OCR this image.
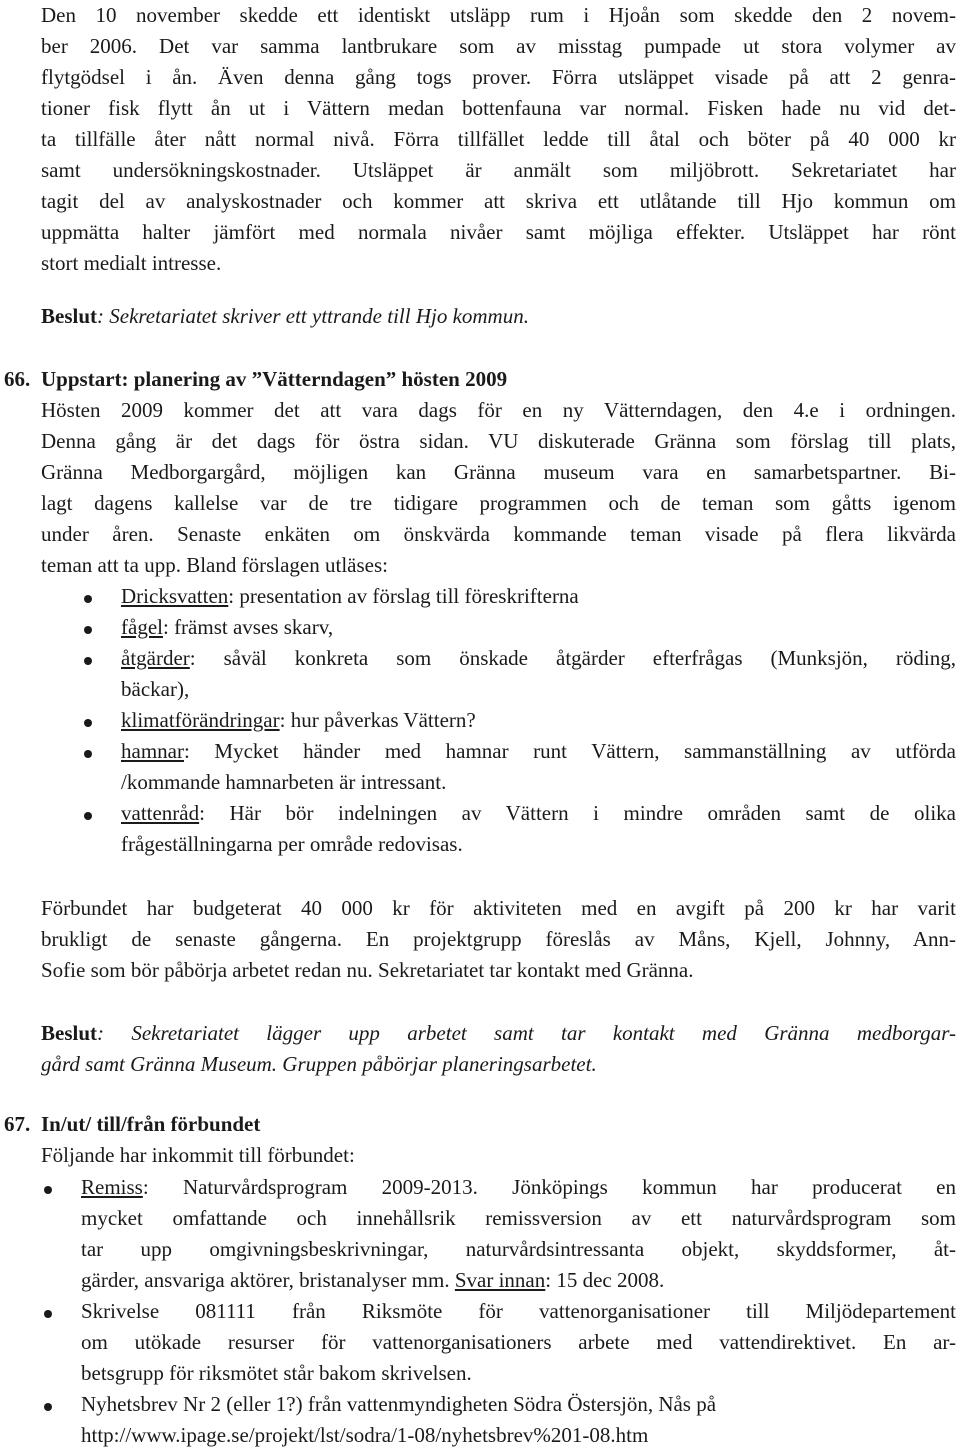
Den 10 november skedde ett identiskt utsläpp rum i Hjoån som skedde den 2 novem-
ber 2006. Det var samma lantbrukare som av misstag pumpade ut stora volymer av
flytgödsel i ån. Även denna gång togs prover. Förra utsläppet visade på att 2 genra-
tioner fisk flytt ån ut i Vättern medan bottenfauna var normal. Fisken hade nu vid det-
ta tillfälle åter nått normal nivå. Förra tillfället ledde till åtal och böter på 40 000 kr
samt undersökningskostnader. Utsläppet är anmält som miljöbrott. Sekretariatet har
tagit del av analyskostnader och kommer att skriva ett utlåtande till Hjo kommun om
uppmätta halter jämfört med normala nivåer samt möjliga effekter. Utsläppet har rönt
stort medialt intresse.
Beslut: Sekretariatet skriver ett yttrande till Hjo kommun.
66. Uppstart: planering av ”Vätterndagen” hösten 2009
Hösten 2009 kommer det att vara dags för en ny Vätterndagen, den 4.e i ordningen.
Denna gång är det dags för östra sidan. VU diskuterade Gränna som förslag till plats,
Gränna Medborgargård, möjligen kan Gränna museum vara en samarbetspartner. Bi-
lagt dagens kallelse var de tre tidigare programmen och de teman som gåtts igenom
under åren. Senaste enkäten om önskvärda kommande teman visade på flera likvärda
teman att ta upp. Bland förslagen utläses:
Dricksvatten: presentation av förslag till föreskrifterna
fågel: främst avses skarv,
åtgärder: såväl konkreta som önskade åtgärder efterfrågas (Munksjön, röding,
bäckar),
klimatförändringar: hur påverkas Vättern?
hamnar: Mycket händer med hamnar runt Vättern, sammanställning av utförda
/kommande hamnarbeten är intressant.
vattenråd: Här bör indelningen av Vättern i mindre områden samt de olika
frågeställningarna per område redovisas.
Förbundet har budgeterat 40 000 kr för aktiviteten med en avgift på 200 kr har varit
brukligt de senaste gångerna. En projektgrupp föreslås av Måns, Kjell, Johnny, Ann-
Sofie som bör påbörja arbetet redan nu. Sekretariatet tar kontakt med Gränna.
Beslut: Sekretariatet lägger upp arbetet samt tar kontakt med Gränna medborgar-
gård samt Gränna Museum. Gruppen påbörjar planeringsarbetet.
67. In/ut/ till/från förbundet
Följande har inkommit till förbundet:
Remiss: Naturvårdsprogram 2009-2013. Jönköpings kommun har producerat en
mycket omfattande och innehållsrik remissversion av ett naturvårdsprogram som
tar upp omgivningsbeskrivningar, naturvårdsintressanta objekt, skyddsformer, åt-
gärder, ansvariga aktörer, bristanalyser mm. Svar innan: 15 dec 2008.
Skrivelse 081111 från Riksmöte för vattenorganisationer till Miljödepartement
om utökade resurser för vattenorganisationers arbete med vattendirektivet. En ar-
betsgrupp för riksmötet står bakom skrivelsen.
Nyhetsbrev Nr 2 (eller 1?) från vattenmyndigheten Södra Östersjön, Nås på
http://www.ipage.se/projekt/lst/sodra/1-08/nyhetsbrev%201-08.htm
